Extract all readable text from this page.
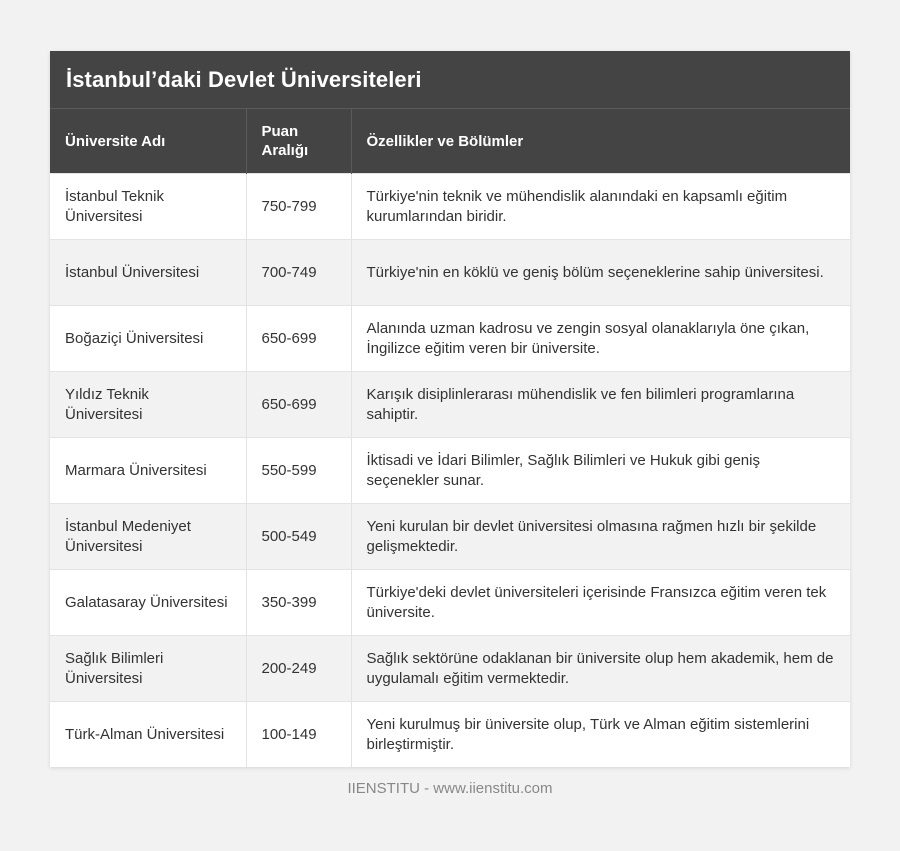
İstanbul’daki Devlet Üniversiteleri
Üniversite Adı	Puan Aralığı	Özellikler ve Bölümler
İstanbul Teknik Üniversitesi	750-799	Türkiye'nin teknik ve mühendislik alanındaki en kapsamlı eğitim kurumlarından biridir.
İstanbul Üniversitesi	700-749	Türkiye'nin en köklü ve geniş bölüm seçeneklerine sahip üniversitesi.
Boğaziçi Üniversitesi	650-699	Alanında uzman kadrosu ve zengin sosyal olanaklarıyla öne çıkan, İngilizce eğitim veren bir üniversite.
Yıldız Teknik Üniversitesi	650-699	Karışık disiplinlerarası mühendislik ve fen bilimleri programlarına sahiptir.
Marmara Üniversitesi	550-599	İktisadi ve İdari Bilimler, Sağlık Bilimleri ve Hukuk gibi geniş seçenekler sunar.
İstanbul Medeniyet Üniversitesi	500-549	Yeni kurulan bir devlet üniversitesi olmasına rağmen hızlı bir şekilde gelişmektedir.
Galatasaray Üniversitesi	350-399	Türkiye'deki devlet üniversiteleri içerisinde Fransızca eğitim veren tek üniversite.
Sağlık Bilimleri Üniversitesi	200-249	Sağlık sektörüne odaklanan bir üniversite olup hem akademik, hem de uygulamalı eğitim vermektedir.
Türk-Alman Üniversitesi	100-149	Yeni kurulmuş bir üniversite olup, Türk ve Alman eğitim sistemlerini birleştirmiştir.
IIENSTITU - www.iienstitu.com
